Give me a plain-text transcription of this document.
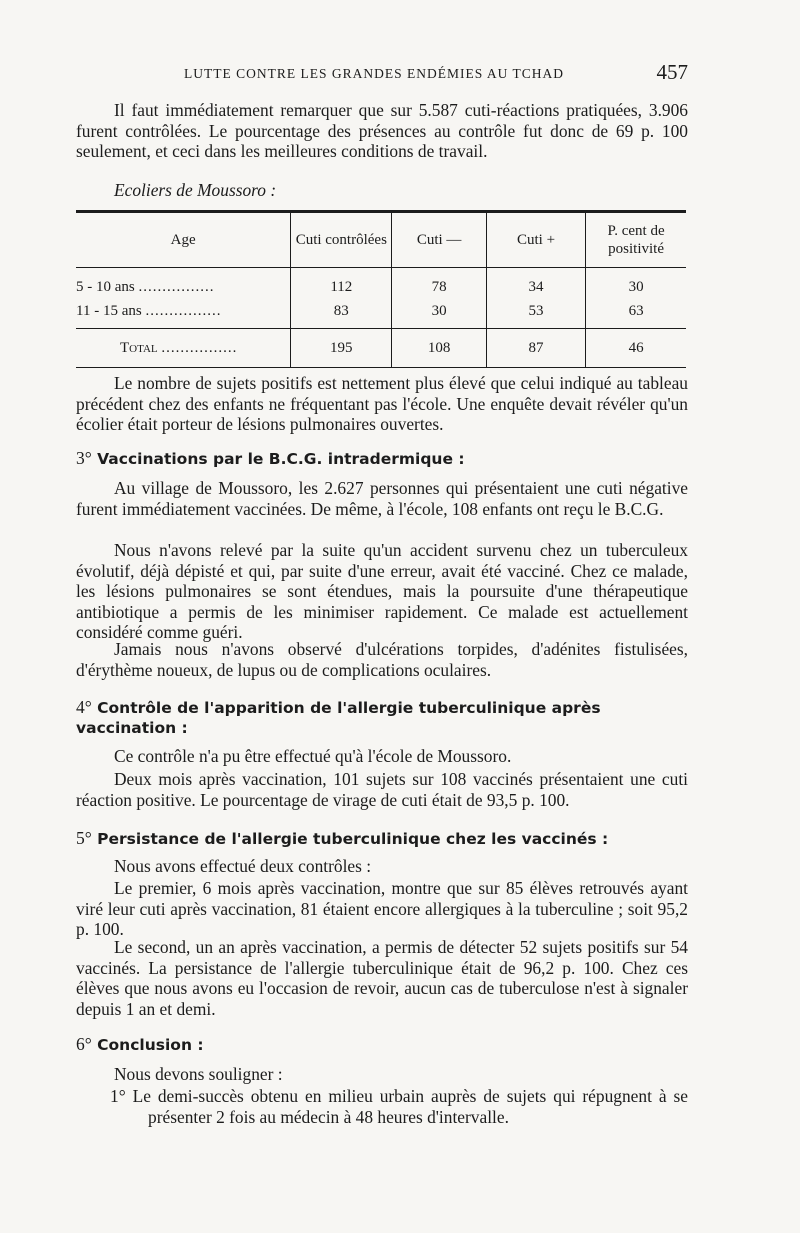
LUTTE CONTRE LES GRANDES ENDÉMIES AU TCHAD	457

Il faut immédiatement remarquer que sur 5.587 cuti-réactions pratiquées, 3.906 furent contrôlées. Le pourcentage des présences au contrôle fut donc de 69 p. 100 seulement, et ceci dans les meilleures conditions de travail.

Ecoliers de Moussoro :
Age	Cuti contrôlées	Cuti —	Cuti +	P. cent de positivité
5 - 10 ans ................	112	78	34	30
11 - 15 ans ................	83	30	53	63
Total ................	195	108	87	46

Le nombre de sujets positifs est nettement plus élevé que celui indiqué au tableau précédent chez des enfants ne fréquentant pas l'école. Une enquête devait révéler qu'un écolier était porteur de lésions pulmonaires ouvertes.

3° Vaccinations par le B.C.G. intradermique :

Au village de Moussoro, les 2.627 personnes qui présentaient une cuti négative furent immédiatement vaccinées. De même, à l'école, 108 enfants ont reçu le B.C.G.

Nous n'avons relevé par la suite qu'un accident survenu chez un tuberculeux évolutif, déjà dépisté et qui, par suite d'une erreur, avait été vacciné. Chez ce malade, les lésions pulmonaires se sont étendues, mais la poursuite d'une thérapeutique antibiotique a permis de les minimiser rapidement. Ce malade est actuellement considéré comme guéri.

Jamais nous n'avons observé d'ulcérations torpides, d'adénites fistulisées, d'érythème noueux, de lupus ou de complications oculaires.

4° Contrôle de l'apparition de l'allergie tuberculinique après vaccination :

Ce contrôle n'a pu être effectué qu'à l'école de Moussoro.

Deux mois après vaccination, 101 sujets sur 108 vaccinés présentaient une cuti réaction positive. Le pourcentage de virage de cuti était de 93,5 p. 100.

5° Persistance de l'allergie tuberculinique chez les vaccinés :

Nous avons effectué deux contrôles :

Le premier, 6 mois après vaccination, montre que sur 85 élèves retrouvés ayant viré leur cuti après vaccination, 81 étaient encore allergiques à la tuberculine ; soit 95,2 p. 100.

Le second, un an après vaccination, a permis de détecter 52 sujets positifs sur 54 vaccinés. La persistance de l'allergie tuberculinique était de 96,2 p. 100. Chez ces élèves que nous avons eu l'occasion de revoir, aucun cas de tuberculose n'est à signaler depuis 1 an et demi.

6° Conclusion :

Nous devons souligner :

1° Le demi-succès obtenu en milieu urbain auprès de sujets qui répugnent à se présenter 2 fois au médecin à 48 heures d'intervalle.
